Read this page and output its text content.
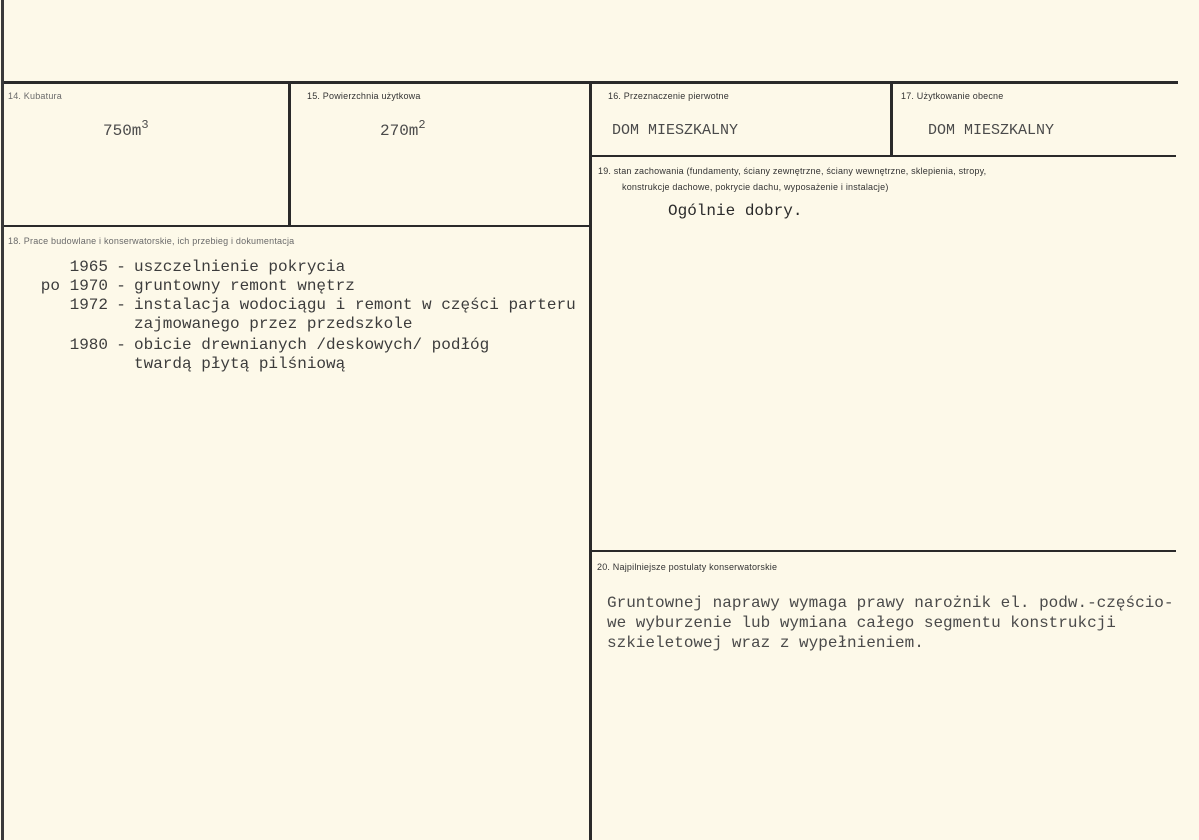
14. Kubatura
$750m^3$
15. Powierzchnia użytkowa
$270m^2$
16. Przeznaczenie pierwotne
DOM MIESZKALNY
17. Użytkowanie obecne
DOM MIESZKALNY
18. Prace budowlane i konserwatorskie, ich przebieg i dokumentacja
1965 - uszczelnienie pokrycia
po 1970 - gruntowny remont wnętrz
1972 - instalacja wodociągu i remont w części parteru
zajmowanego przez przedszkole
1980 - obicie drewnianych /deskowych/ podłóg
twardą płytą pilśniową
19. stan zachowania (fundamenty, ściany zewnętrzne, ściany wewnętrzne, sklepienia, stropy,
konstrukcje dachowe, pokrycie dachu, wyposażenie i instalacje)
Ogólnie dobry.
20. Najpilniejsze postulaty konserwatorskie
Gruntownej naprawy wymaga prawy narożnik el. podw.-częścio-
we wyburzenie lub wymiana całego segmentu konstrukcji
szkieletowej wraz z wypełnieniem.
